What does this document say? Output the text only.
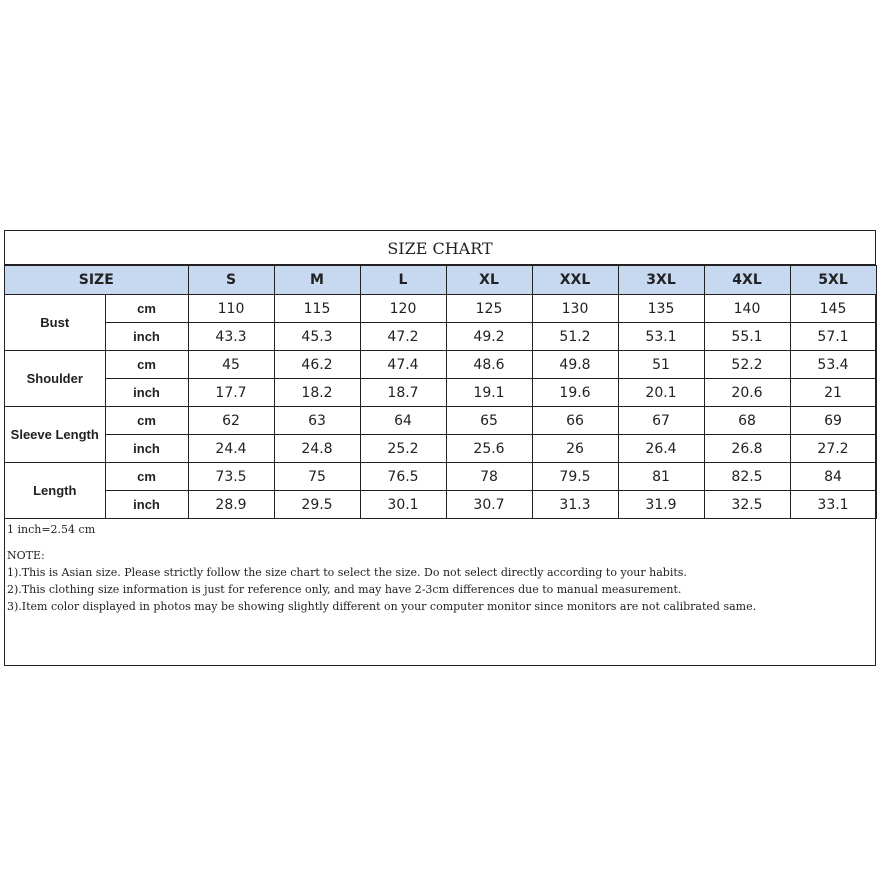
SIZE CHART
SIZE		S	M	L	XL	XXL	3XL	4XL	5XL
Bust	cm	110	115	120	125	130	135	140	145
	inch	43.3	45.3	47.2	49.2	51.2	53.1	55.1	57.1
Shoulder	cm	45	46.2	47.4	48.6	49.8	51	52.2	53.4
	inch	17.7	18.2	18.7	19.1	19.6	20.1	20.6	21
Sleeve Length	cm	62	63	64	65	66	67	68	69
	inch	24.4	24.8	25.2	25.6	26	26.4	26.8	27.2
Length	cm	73.5	75	76.5	78	79.5	81	82.5	84
	inch	28.9	29.5	30.1	30.7	31.3	31.9	32.5	33.1
1 inch=2.54 cm
NOTE:
1).This is Asian size. Please strictly follow the size chart to select the size. Do not select directly according to your habits.
2).This clothing size information is just for reference only, and may have 2-3cm differences due to manual measurement.
3).Item color displayed in photos may be showing slightly different on your computer monitor since monitors are not calibrated same.
